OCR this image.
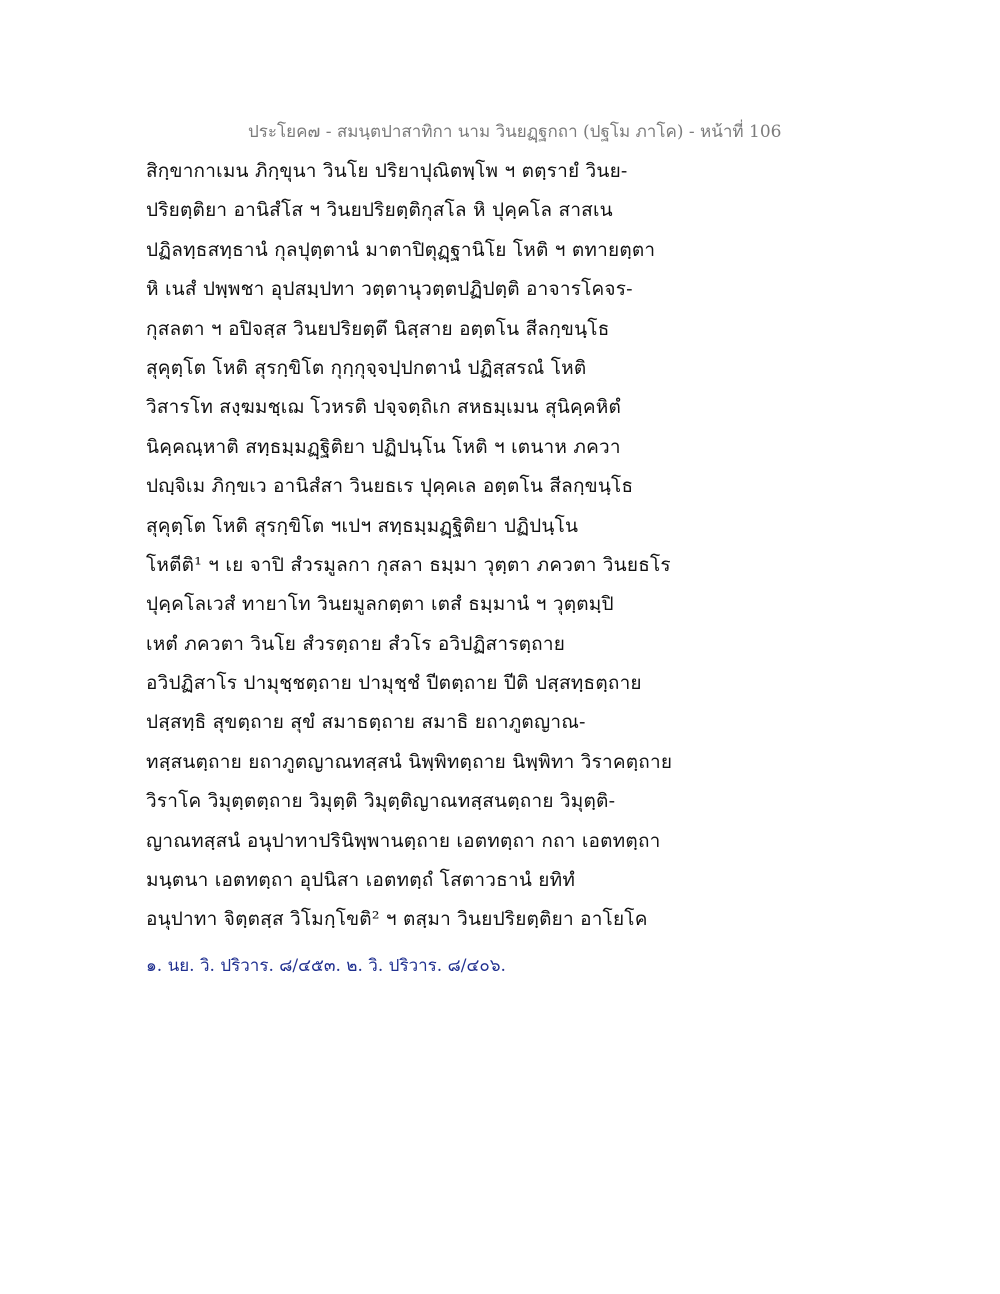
ประโยค๗ - สมนฺตปาสาทิกา นาม วินยฏฺฐกถา (ปฐโม ภาโค) - หน้าที่ 106
สิกฺขากาเมน ภิกฺขุนา วินโย ปริยาปุณิตพฺโพ ฯ ตตฺรายํ วินย-
ปริยตฺติยา อานิสํโส ฯ วินยปริยตฺติกุสโล หิ ปุคฺคโล สาสเน
ปฏิลทฺธสทฺธานํ กุลปุตฺตานํ มาตาปิตุฏฺฐานิโย โหติ ฯ ตทายตฺตา
หิ เนสํ ปพฺพชา อุปสมฺปทา วตฺตานุวตฺตปฏิปตฺติ อาจารโคจร-
กุสลตา ฯ อปิจสฺส วินยปริยตฺตึ นิสฺสาย อตฺตโน สีลกฺขนฺโธ
สุคุตฺโต โหติ สุรกฺขิโต กุกฺกุจฺจปฺปกตานํ ปฏิสฺสรณํ โหติ
วิสารโท สงฺฆมชฺเฌ โวหรติ ปจฺจตฺถิเก สหธมฺเมน สุนิคฺคหิตํ
นิคฺคณฺหาติ สทฺธมฺมฏฺฐิติยา ปฏิปนฺโน โหติ ฯ เตนาห ภควา
ปญฺจิเม ภิกฺขเว อานิสํสา วินยธเร ปุคฺคเล อตฺตโน สีลกฺขนฺโธ
สุคุตฺโต โหติ สุรกฺขิโต ฯเปฯ สทฺธมฺมฏฺฐิติยา ปฏิปนฺโน
โหตีติ¹ ฯ เย จาปิ สํวรมูลกา กุสลา ธมฺมา วุตฺตา ภควตา วินยธโร
ปุคฺคโลเวสํ ทายาโท วินยมูลกตฺตา เตสํ ธมฺมานํ ฯ วุตฺตมฺปิ
เหตํ ภควตา วินโย สํวรตฺถาย สํวโร อวิปฏิสารตฺถาย
อวิปฏิสาโร ปามุชฺชตฺถาย ปามุชฺชํ ปีตตฺถาย ปีติ ปสฺสทฺธตฺถาย
ปสฺสทฺธิ สุขตฺถาย สุขํ สมาธตฺถาย สมาธิ ยถาภูตญาณ-
ทสฺสนตฺถาย ยถาภูตญาณทสฺสนํ นิพฺพิทตฺถาย นิพฺพิทา วิราคตฺถาย
วิราโค วิมุตฺตตฺถาย วิมุตฺติ วิมุตฺติญาณทสฺสนตฺถาย วิมุตฺติ-
ญาณทสฺสนํ อนุปาทาปรินิพฺพานตฺถาย เอตทตฺถา กถา เอตทตฺถา
มนฺตนา เอตทตฺถา อุปนิสา เอตทตฺถํ โสตาวธานํ ยทิทํ
อนุปาทา จิตฺตสฺส วิโมกฺโขติ² ฯ ตสฺมา วินยปริยตฺติยา อาโยโค
๑. นย. วิ. ปริวาร. ๘/๔๕๓. ๒. วิ. ปริวาร. ๘/๔๐๖.
